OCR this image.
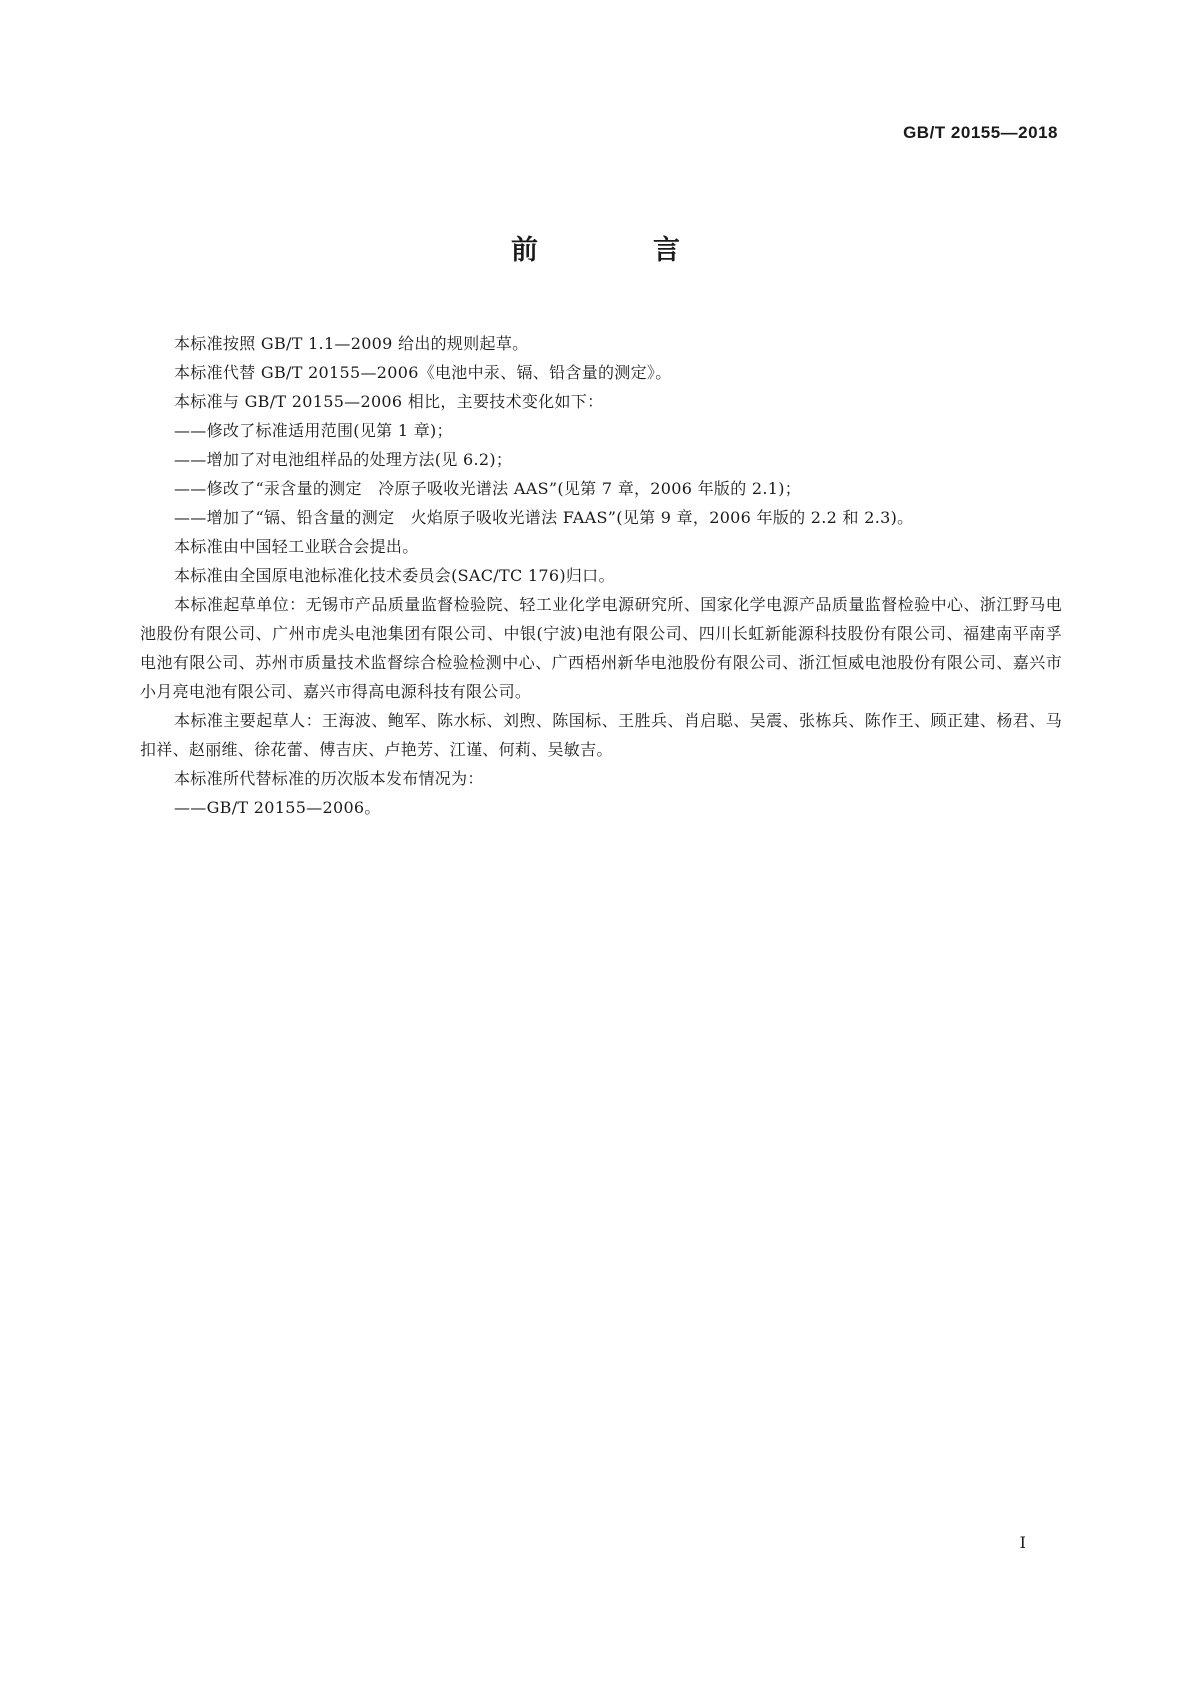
GB/T 20155—2018
前　言

本标准按照 GB/T 1.1—2009 给出的规则起草。

本标准代替 GB/T 20155—2006《电池中汞、镉、铅含量的测定》。

本标准与 GB/T 20155—2006 相比，主要技术变化如下：

——修改了标准适用范围(见第 1 章)；

——增加了对电池组样品的处理方法(见 6.2)；

——修改了“汞含量的测定　冷原子吸收光谱法 AAS”(见第 7 章，2006 年版的 2.1)；

——增加了“镉、铅含量的测定　火焰原子吸收光谱法 FAAS”(见第 9 章，2006 年版的 2.2 和 2.3)。

本标准由中国轻工业联合会提出。

本标准由全国原电池标准化技术委员会(SAC/TC 176)归口。

本标准起草单位：无锡市产品质量监督检验院、轻工业化学电源研究所、国家化学电源产品质量监督检验中心、浙江野马电池股份有限公司、广州市虎头电池集团有限公司、中银(宁波)电池有限公司、四川长虹新能源科技股份有限公司、福建南平南孚电池有限公司、苏州市质量技术监督综合检验检测中心、广西梧州新华电池股份有限公司、浙江恒威电池股份有限公司、嘉兴市小月亮电池有限公司、嘉兴市得高电源科技有限公司。

本标准主要起草人：王海波、鲍军、陈水标、刘煦、陈国标、王胜兵、肖启聪、吴震、张栋兵、陈作王、顾正建、杨君、马扣祥、赵丽维、徐花蕾、傅吉庆、卢艳芳、江谨、何莉、吴敏吉。

本标准所代替标准的历次版本发布情况为：

——GB/T 20155—2006。

I
